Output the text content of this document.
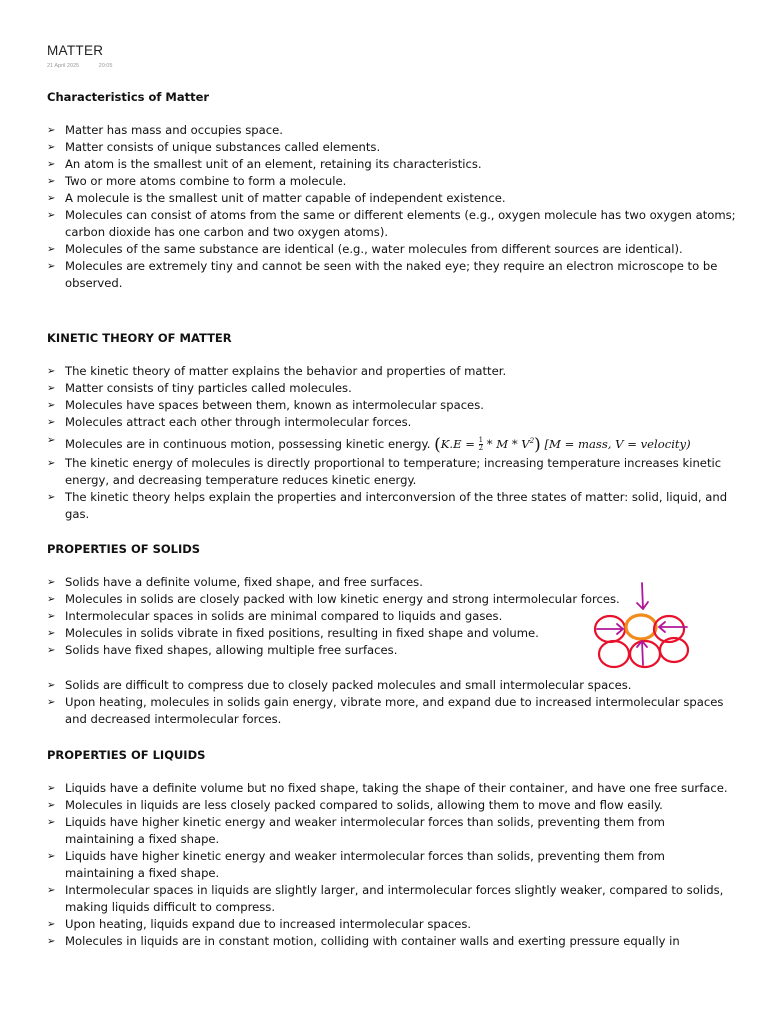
MATTER
21 April 2025	20:05
Characteristics of Matter
➢ Matter has mass and occupies space.
➢ Matter consists of unique substances called elements.
➢ An atom is the smallest unit of an element, retaining its characteristics.
➢ Two or more atoms combine to form a molecule.
➢ A molecule is the smallest unit of matter capable of independent existence.
➢ Molecules can consist of atoms from the same or different elements (e.g., oxygen molecule has two oxygen atoms; carbon dioxide has one carbon and two oxygen atoms).
➢ Molecules of the same substance are identical (e.g., water molecules from different sources are identical).
➢ Molecules are extremely tiny and cannot be seen with the naked eye; they require an electron microscope to be observed.
KINETIC THEORY OF MATTER
➢ The kinetic theory of matter explains the behavior and properties of matter.
➢ Matter consists of tiny particles called molecules.
➢ Molecules have spaces between them, known as intermolecular spaces.
➢ Molecules attract each other through intermolecular forces.
➢ Molecules are in continuous motion, possessing kinetic energy. $(K.E = \frac{1}{2} * M * V^2)$ [M = mass, V = velocity)
➢ The kinetic energy of molecules is directly proportional to temperature; increasing temperature increases kinetic energy, and decreasing temperature reduces kinetic energy.
➢ The kinetic theory helps explain the properties and interconversion of the three states of matter: solid, liquid, and gas.
PROPERTIES OF SOLIDS
➢ Solids have a definite volume, fixed shape, and free surfaces.
➢ Molecules in solids are closely packed with low kinetic energy and strong intermolecular forces.
➢ Intermolecular spaces in solids are minimal compared to liquids and gases.
➢ Molecules in solids vibrate in fixed positions, resulting in fixed shape and volume.
➢ Solids have fixed shapes, allowing multiple free surfaces.
➢ Solids are difficult to compress due to closely packed molecules and small intermolecular spaces.
➢ Upon heating, molecules in solids gain energy, vibrate more, and expand due to increased intermolecular spaces and decreased intermolecular forces.
PROPERTIES OF LIQUIDS
➢ Liquids have a definite volume but no fixed shape, taking the shape of their container, and have one free surface.
➢ Molecules in liquids are less closely packed compared to solids, allowing them to move and flow easily.
➢ Liquids have higher kinetic energy and weaker intermolecular forces than solids, preventing them from maintaining a fixed shape.
➢ Liquids have higher kinetic energy and weaker intermolecular forces than solids, preventing them from maintaining a fixed shape.
➢ Intermolecular spaces in liquids are slightly larger, and intermolecular forces slightly weaker, compared to solids, making liquids difficult to compress.
➢ Upon heating, liquids expand due to increased intermolecular spaces.
➢ Molecules in liquids are in constant motion, colliding with container walls and exerting pressure equally in
